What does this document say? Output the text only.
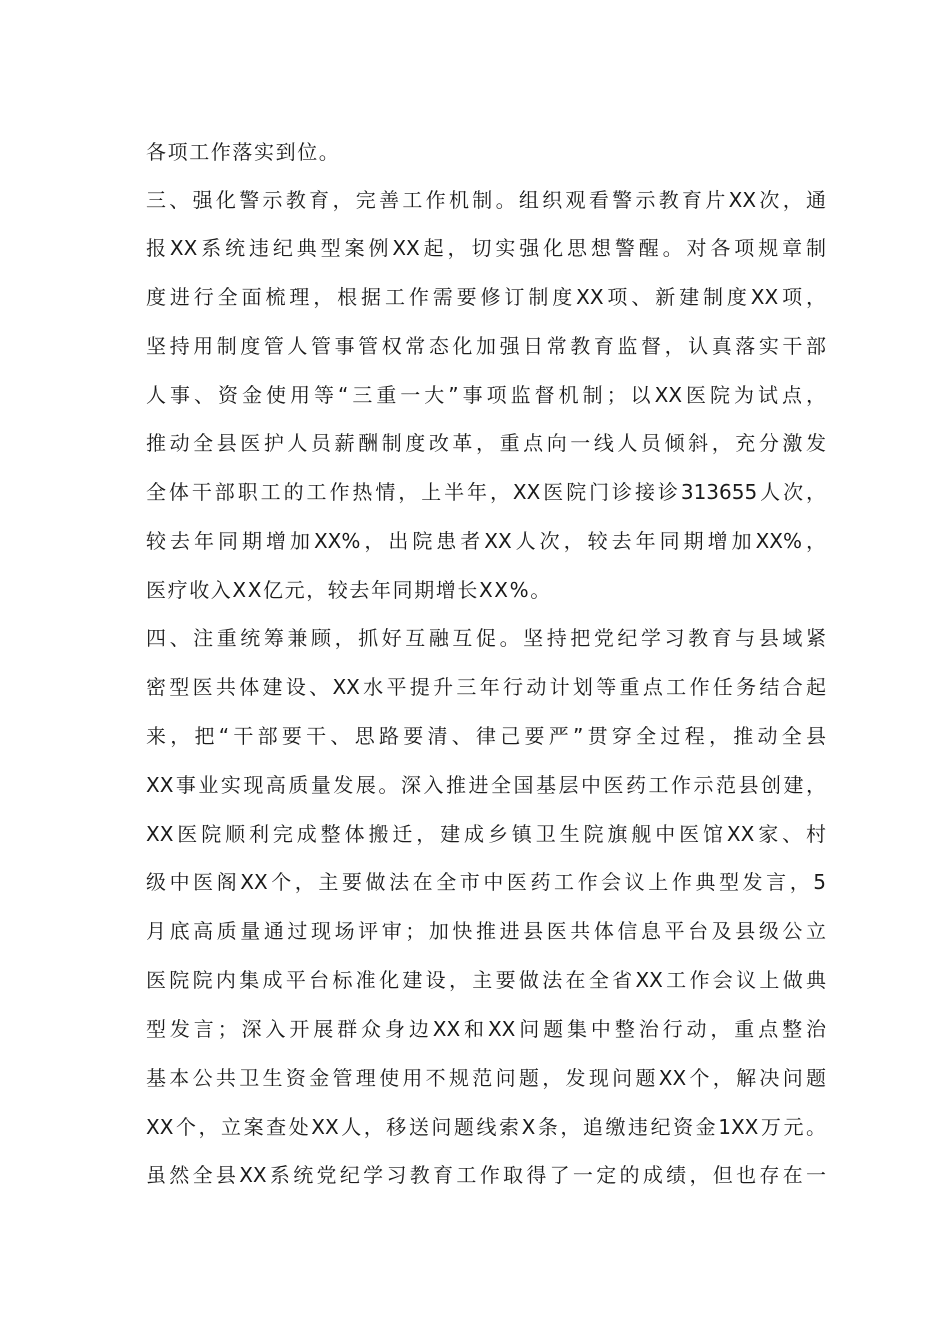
各项工作落实到位。
三、强化警示教育，完善工作机制。组织观看警示教育片XX次，通
报XX系统违纪典型案例XX起，切实强化思想警醒。对各项规章制
度进行全面梳理，根据工作需要修订制度XX项、新建制度XX项，
坚持用制度管人管事管权常态化加强日常教育监督，认真落实干部
人事、资金使用等“三重一大”事项监督机制；以XX医院为试点，
推动全县医护人员薪酬制度改革，重点向一线人员倾斜，充分激发
全体干部职工的工作热情，上半年，XX医院门诊接诊313655人次，
较去年同期增加XX%，出院患者XX人次，较去年同期增加XX%，
医疗收入XX亿元，较去年同期增长XX%。
四、注重统筹兼顾，抓好互融互促。坚持把党纪学习教育与县域紧
密型医共体建设、XX水平提升三年行动计划等重点工作任务结合起
来，把“干部要干、思路要清、律己要严”贯穿全过程，推动全县
XX事业实现高质量发展。深入推进全国基层中医药工作示范县创建，
XX医院顺利完成整体搬迁，建成乡镇卫生院旗舰中医馆XX家、村
级中医阁XX个，主要做法在全市中医药工作会议上作典型发言，5
月底高质量通过现场评审；加快推进县医共体信息平台及县级公立
医院院内集成平台标准化建设，主要做法在全省XX工作会议上做典
型发言；深入开展群众身边XX和XX问题集中整治行动，重点整治
基本公共卫生资金管理使用不规范问题，发现问题XX个，解决问题
XX个，立案查处XX人，移送问题线索X条，追缴违纪资金1XX万元。
虽然全县XX系统党纪学习教育工作取得了一定的成绩，但也存在一
